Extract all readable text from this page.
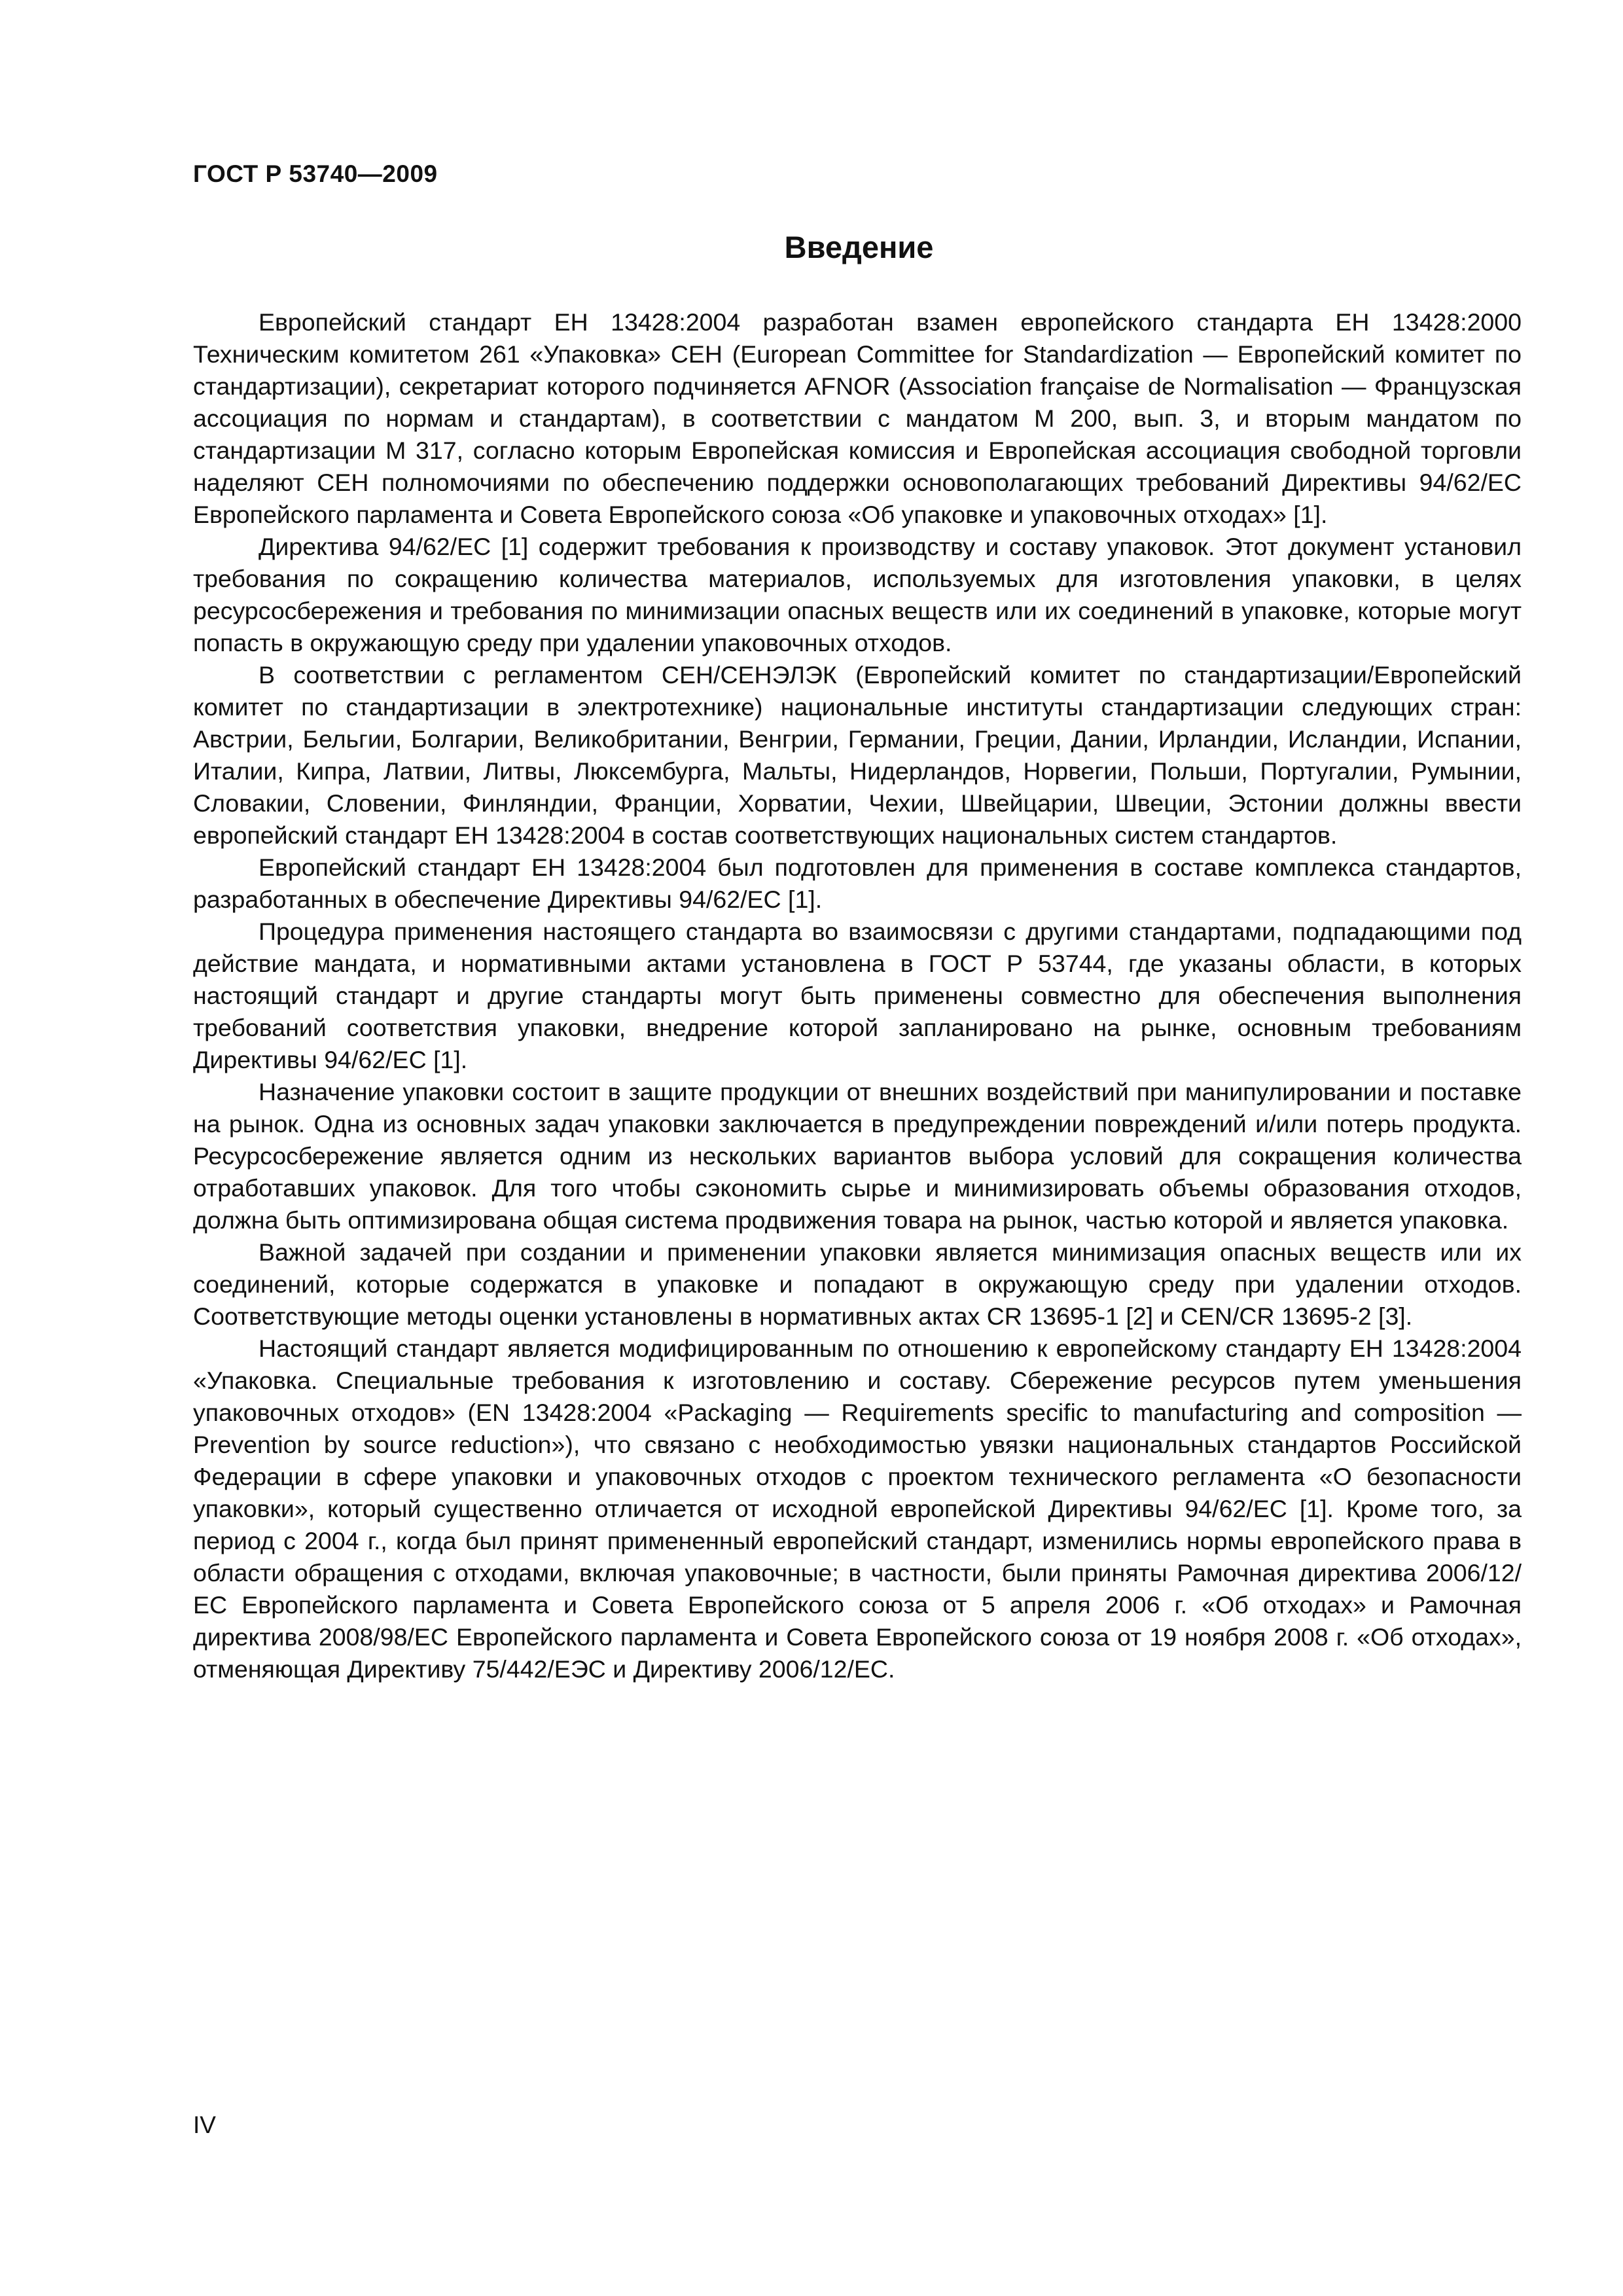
ГОСТ Р 53740—2009
Введение

Европейский стандарт ЕН 13428:2004 разработан взамен европейского стандарта ЕН 13428:2000 Техническим комитетом 261 «Упаковка» СЕН (European Committee for Standardization — Европейский комитет по стандартизации), секретариат которого подчиняется AFNOR (Association française de Normalisation — Французская ассоциация по нормам и стандартам), в соответствии с мандатом М 200, вып. 3, и вторым мандатом по стандартизации М 317, согласно которым Европейская комиссия и Европейская ассоциация свободной торговли наделяют СЕН полномочиями по обеспечению поддержки основополагающих требований Директивы 94/62/ЕС Европейского парламента и Совета Европейского союза «Об упаковке и упаковочных отходах» [1].

Директива 94/62/ЕС [1] содержит требования к производству и составу упаковок. Этот документ установил требования по сокращению количества материалов, используемых для изготовления упаковки, в целях ресурсосбережения и требования по минимизации опасных веществ или их соединений в упаковке, которые могут попасть в окружающую среду при удалении упаковочных отходов.

В соответствии с регламентом СЕН/СЕНЭЛЭК (Европейский комитет по стандартизации/Европейский комитет по стандартизации в электротехнике) национальные институты стандартизации следующих стран: Австрии, Бельгии, Болгарии, Великобритании, Венгрии, Германии, Греции, Дании, Ирландии, Исландии, Испании, Италии, Кипра, Латвии, Литвы, Люксембурга, Мальты, Нидерландов, Норвегии, Польши, Португалии, Румынии, Словакии, Словении, Финляндии, Франции, Хорватии, Чехии, Швейцарии, Швеции, Эстонии должны ввести европейский стандарт ЕН 13428:2004 в состав соответствующих национальных систем стандартов.

Европейский стандарт ЕН 13428:2004 был подготовлен для применения в составе комплекса стандартов, разработанных в обеспечение Директивы 94/62/ЕС [1].

Процедура применения настоящего стандарта во взаимосвязи с другими стандартами, подпадающими под действие мандата, и нормативными актами установлена в ГОСТ Р 53744, где указаны области, в которых настоящий стандарт и другие стандарты могут быть применены совместно для обеспечения выполнения требований соответствия упаковки, внедрение которой запланировано на рынке, основным требованиям Директивы 94/62/ЕС [1].

Назначение упаковки состоит в защите продукции от внешних воздействий при манипулировании и поставке на рынок. Одна из основных задач упаковки заключается в предупреждении повреждений и/или потерь продукта. Ресурсосбережение является одним из нескольких вариантов выбора условий для сокращения количества отработавших упаковок. Для того чтобы сэкономить сырье и минимизировать объемы образования отходов, должна быть оптимизирована общая система продвижения товара на рынок, частью которой и является упаковка.

Важной задачей при создании и применении упаковки является минимизация опасных веществ или их соединений, которые содержатся в упаковке и попадают в окружающую среду при удалении отходов. Соответствующие методы оценки установлены в нормативных актах CR 13695-1 [2] и CEN/CR 13695-2 [3].

Настоящий стандарт является модифицированным по отношению к европейскому стандарту ЕН 13428:2004 «Упаковка. Специальные требования к изготовлению и составу. Сбережение ресурсов путем уменьшения упаковочных отходов» (EN 13428:2004 «Packaging — Requirements specific to manufacturing and composition — Prevention by source reduction»), что связано с необходимостью увязки национальных стандартов Российской Федерации в сфере упаковки и упаковочных отходов с проектом технического регламента «О безопасности упаковки», который существенно отличается от исходной европейской Директивы 94/62/ЕС [1]. Кроме того, за период с 2004 г., когда был принят примененный европейский стандарт, изменились нормы европейского права в области обращения с отходами, включая упаковочные; в частности, были приняты Рамочная директива 2006/12/ЕС Европейского парламента и Совета Европейского союза от 5 апреля 2006 г. «Об отходах» и Рамочная директива 2008/98/ЕС Европейского парламента и Совета Европейского союза от 19 ноября 2008 г. «Об отходах», отменяющая Директиву 75/442/ЕЭС и Директиву 2006/12/ЕС.

IV
